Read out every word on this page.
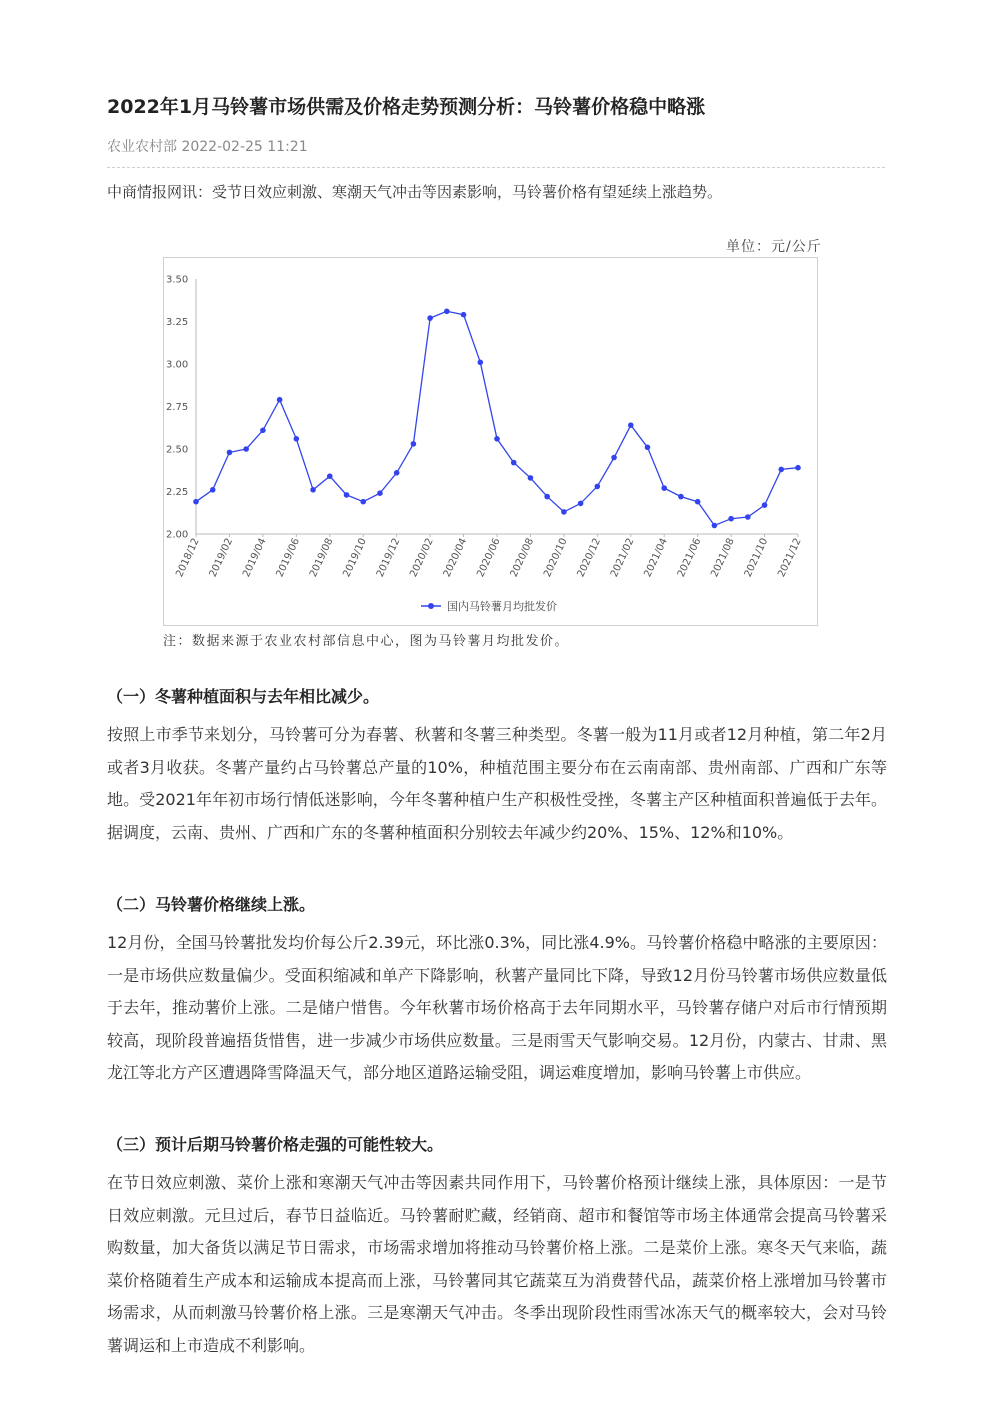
2022年1月马铃薯市场供需及价格走势预测分析：马铃薯价格稳中略涨
农业农村部 2022-02-25 11:21
中商情报网讯：受节日效应刺激、寒潮天气冲击等因素影响，马铃薯价格有望延续上涨趋势。
单位：元/公斤
2.00
2.25
2.50
2.75
3.00
3.25
3.50
2018/12 2019/02 2019/04 2019/06 2019/08 2019/10 2019/12 2020/02 2020/04 2020/06 2020/08 2020/10 2020/12 2021/02 2021/04 2021/06 2021/08 2021/10 2021/12
国内马铃薯月均批发价
注：数据来源于农业农村部信息中心，图为马铃薯月均批发价。
（一）冬薯种植面积与去年相比减少。
按照上市季节来划分，马铃薯可分为春薯、秋薯和冬薯三种类型。冬薯一般为11月或者12月种植，第二年2月或者3月收获。冬薯产量约占马铃薯总产量的10%，种植范围主要分布在云南南部、贵州南部、广西和广东等地。受2021年年初市场行情低迷影响，今年冬薯种植户生产积极性受挫，冬薯主产区种植面积普遍低于去年。据调度，云南、贵州、广西和广东的冬薯种植面积分别较去年减少约20%、15%、12%和10%。
（二）马铃薯价格继续上涨。
12月份，全国马铃薯批发均价每公斤2.39元，环比涨0.3%，同比涨4.9%。马铃薯价格稳中略涨的主要原因：一是市场供应数量偏少。受面积缩减和单产下降影响，秋薯产量同比下降，导致12月份马铃薯市场供应数量低于去年，推动薯价上涨。二是储户惜售。今年秋薯市场价格高于去年同期水平，马铃薯存储户对后市行情预期较高，现阶段普遍捂货惜售，进一步减少市场供应数量。三是雨雪天气影响交易。12月份，内蒙古、甘肃、黑龙江等北方产区遭遇降雪降温天气，部分地区道路运输受阻，调运难度增加，影响马铃薯上市供应。
（三）预计后期马铃薯价格走强的可能性较大。
在节日效应刺激、菜价上涨和寒潮天气冲击等因素共同作用下，马铃薯价格预计继续上涨，具体原因：一是节日效应刺激。元旦过后，春节日益临近。马铃薯耐贮藏，经销商、超市和餐馆等市场主体通常会提高马铃薯采购数量，加大备货以满足节日需求，市场需求增加将推动马铃薯价格上涨。二是菜价上涨。寒冬天气来临，蔬菜价格随着生产成本和运输成本提高而上涨，马铃薯同其它蔬菜互为消费替代品，蔬菜价格上涨增加马铃薯市场需求，从而刺激马铃薯价格上涨。三是寒潮天气冲击。冬季出现阶段性雨雪冰冻天气的概率较大，会对马铃薯调运和上市造成不利影响。
